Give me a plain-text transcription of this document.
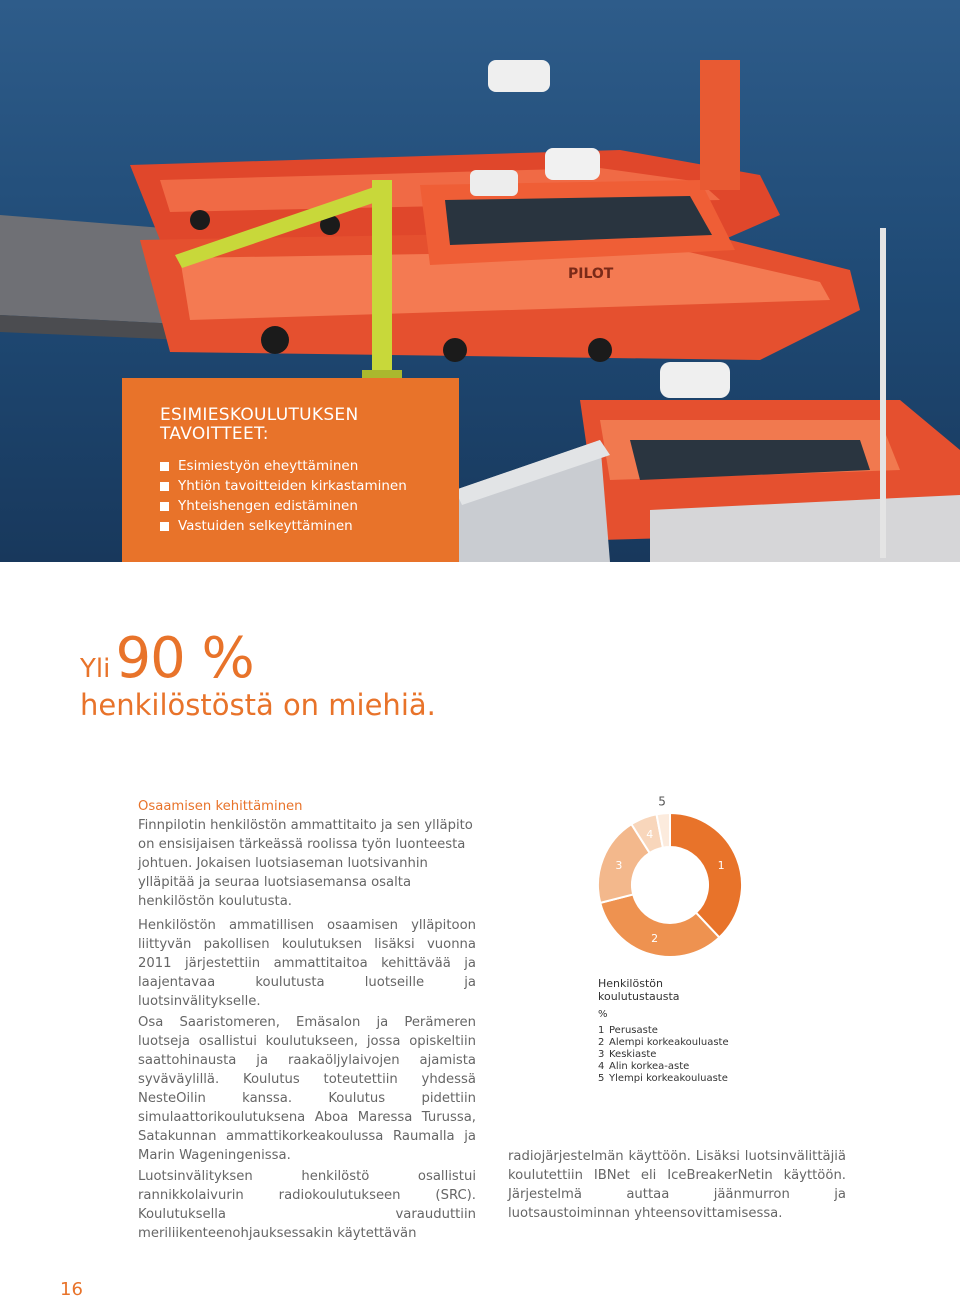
PILOT
ESIMIESKOULUTUKSEN
TAVOITTEET:
Esimiestyön eheyttäminen
Yhtiön tavoitteiden kirkastaminen
Yhteishengen edistäminen
Vastuiden selkeyttäminen
Yli 90 %
henkilöstöstä on miehiä.

Osaamisen kehittäminen

Finnpilotin henkilöstön ammattitaito ja sen ylläpito on ensisijaisen tärkeässä roolissa työn luonteesta johtuen. Jokaisen luotsiaseman luotsivanhin ylläpitää ja seuraa luotsiasemansa osalta henkilöstön koulutusta.

Henkilöstön ammatillisen osaamisen ylläpitoon liittyvän pakollisen koulutuksen lisäksi vuonna 2011 järjestettiin ammattitaitoa kehittävää ja laajentavaa koulutusta luotseille ja luotsinvälitykselle.
Osa Saaristomeren, Emäsalon ja Perämeren luotseja osallistui koulutukseen, jossa opiskeltiin saattohinausta ja raakaöljylaivojen ajamista syväväylillä. Koulutus toteutettiin yhdessä NesteOilin kanssa. Koulutus pidettiin simulaattorikoulutuksena Aboa Maressa Turussa, Satakunnan ammattikorkeakoulussa Raumalla ja Marin Wageningenissa.
Luotsinvälityksen henkilöstö osallistui rannikkolaivurin radiokoulutukseen (SRC). Koulutuksella varauduttiin meriliikenteenohjauksessakin käytettävän
radiojärjestelmän käyttöön. Lisäksi luotsinvälittäjiä koulutettiin IBNet eli IceBreakerNetin käyttöön. Järjestelmä auttaa jäänmurron ja luotsaustoiminnan yhteensovittamisessa.
1
2
3
4
5
Henkilöstön
koulutustausta
%
1 Perusaste
2 Alempi korkeakouluaste
3 Keskiaste
4 Alin korkea-aste
5 Ylempi korkeakouluaste
16
